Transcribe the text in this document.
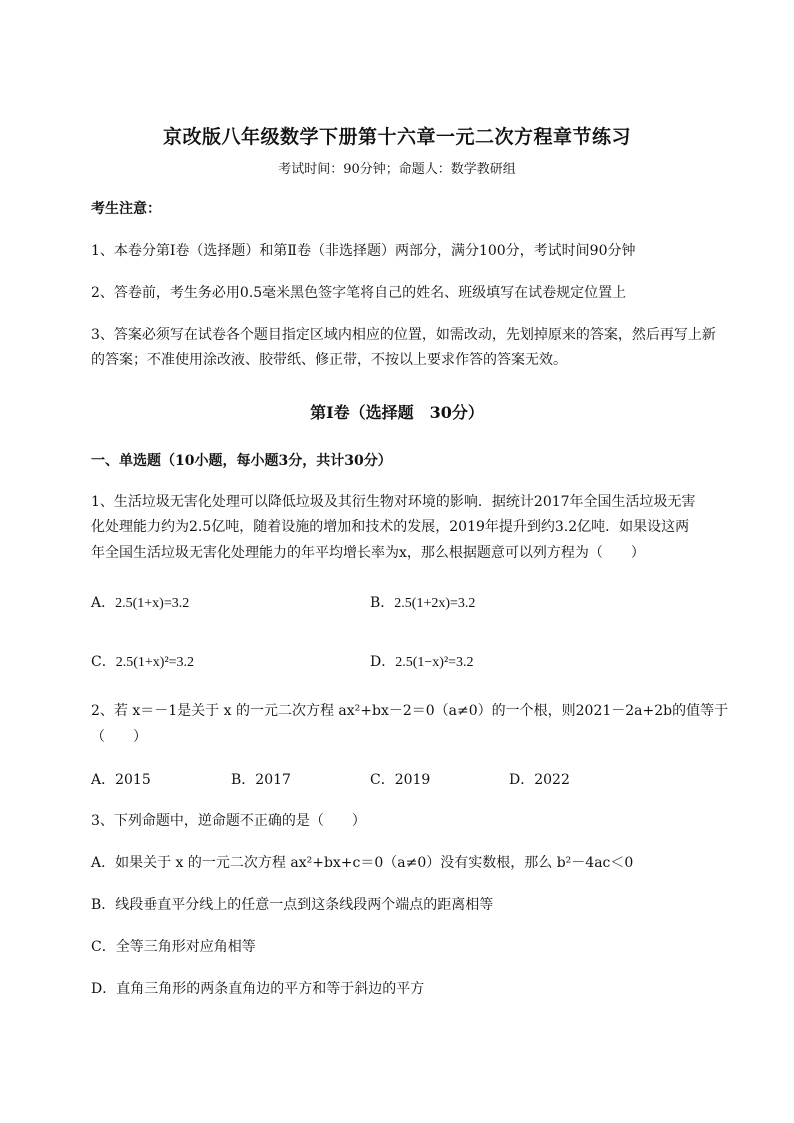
京改版八年级数学下册第十六章一元二次方程章节练习
考试时间：90分钟；命题人：数学教研组
考生注意：
1、本卷分第I卷（选择题）和第Ⅱ卷（非选择题）两部分，满分100分，考试时间90分钟
2、答卷前，考生务必用0.5毫米黑色签字笔将自己的姓名、班级填写在试卷规定位置上
3、答案必须写在试卷各个题目指定区域内相应的位置，如需改动，先划掉原来的答案，然后再写上新
的答案；不准使用涂改液、胶带纸、修正带，不按以上要求作答的答案无效。
第I卷（选择题　30分）
一、单选题（10小题，每小题3分，共计30分）
1、生活垃圾无害化处理可以降低垃圾及其衍生物对环境的影响．据统计2017年全国生活垃圾无害
化处理能力约为2.5亿吨，随着设施的增加和技术的发展，2019年提升到约3.2亿吨．如果设这两
年全国生活垃圾无害化处理能力的年平均增长率为x，那么根据题意可以列方程为（　　）
A．2.5(1+x)=3.2	B．2.5(1+2x)=3.2
C．2.5(1+x)²=3.2	D．2.5(1−x)²=3.2
2、若 x＝－1是关于 x 的一元二次方程 ax²+bx－2＝0（a≠0）的一个根，则2021－2a+2b的值等于
（　　）
A．2015	B．2017	C．2019	D．2022
3、下列命题中，逆命题不正确的是（　　）
A．如果关于 x 的一元二次方程 ax²+bx+c＝0（a≠0）没有实数根，那么 b²－4ac＜0
B．线段垂直平分线上的任意一点到这条线段两个端点的距离相等
C．全等三角形对应角相等
D．直角三角形的两条直角边的平方和等于斜边的平方
